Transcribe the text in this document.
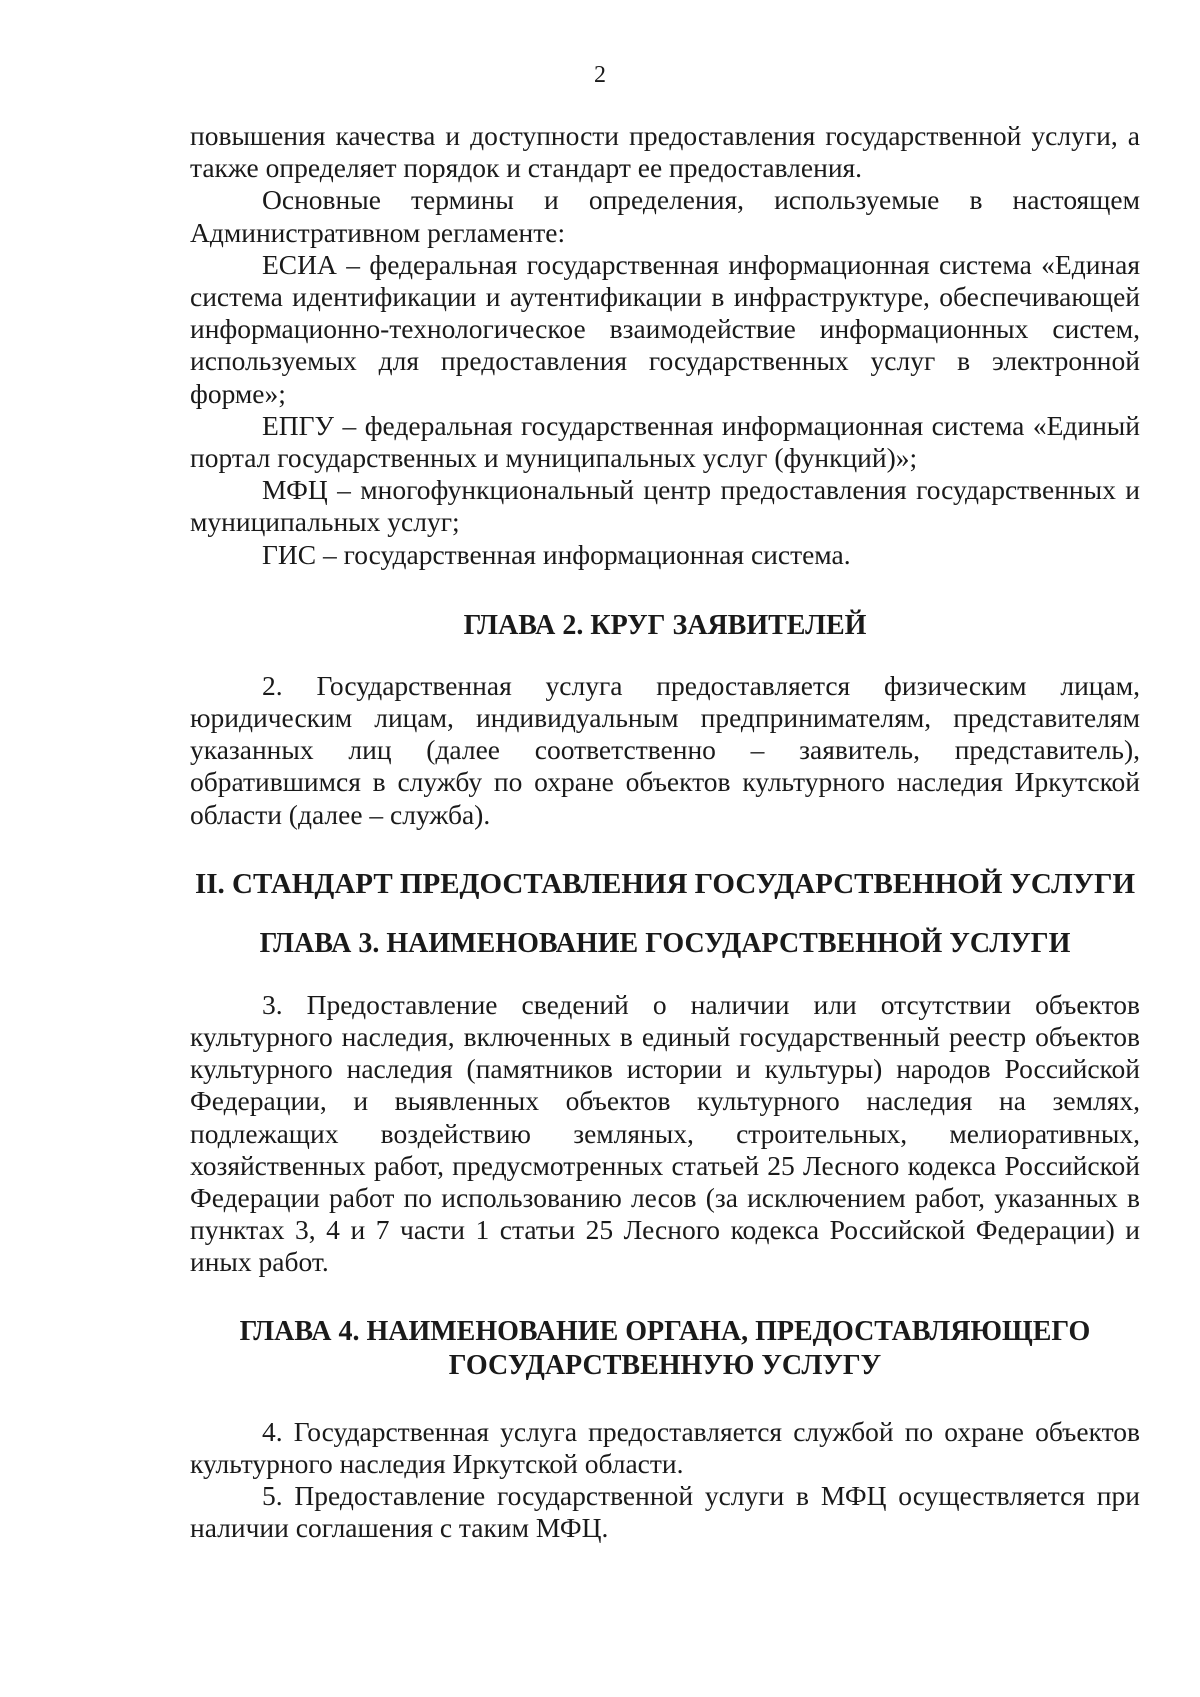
2

повышения качества и доступности предоставления государственной услуги, а также определяет порядок и стандарт ее предоставления.

Основные термины и определения, используемые в настоящем Административном регламенте:

ЕСИА – федеральная государственная информационная система «Единая система идентификации и аутентификации в инфраструктуре, обеспечивающей информационно-технологическое взаимодействие информационных систем, используемых для предоставления государственных услуг в электронной форме»;

ЕПГУ – федеральная государственная информационная система «Единый портал государственных и муниципальных услуг (функций)»;

МФЦ – многофункциональный центр предоставления государственных и муниципальных услуг;

ГИС – государственная информационная система.

ГЛАВА 2. КРУГ ЗАЯВИТЕЛЕЙ

2. Государственная услуга предоставляется физическим лицам, юридическим лицам, индивидуальным предпринимателям, представителям указанных лиц (далее соответственно – заявитель, представитель), обратившимся в службу по охране объектов культурного наследия Иркутской области (далее – служба).

II. СТАНДАРТ ПРЕДОСТАВЛЕНИЯ ГОСУДАРСТВЕННОЙ УСЛУГИ
ГЛАВА 3. НАИМЕНОВАНИЕ ГОСУДАРСТВЕННОЙ УСЛУГИ

3. Предоставление сведений о наличии или отсутствии объектов культурного наследия, включенных в единый государственный реестр объектов культурного наследия (памятников истории и культуры) народов Российской Федерации, и выявленных объектов культурного наследия на землях, подлежащих воздействию земляных, строительных, мелиоративных, хозяйственных работ, предусмотренных статьей 25 Лесного кодекса Российской Федерации работ по использованию лесов (за исключением работ, указанных в пунктах 3, 4 и 7 части 1 статьи 25 Лесного кодекса Российской Федерации) и иных работ.

ГЛАВА 4. НАИМЕНОВАНИЕ ОРГАНА, ПРЕДОСТАВЛЯЮЩЕГО
ГОСУДАРСТВЕННУЮ УСЛУГУ

4. Государственная услуга предоставляется службой по охране объектов культурного наследия Иркутской области.

5. Предоставление государственной услуги в МФЦ осуществляется при наличии соглашения с таким МФЦ.
